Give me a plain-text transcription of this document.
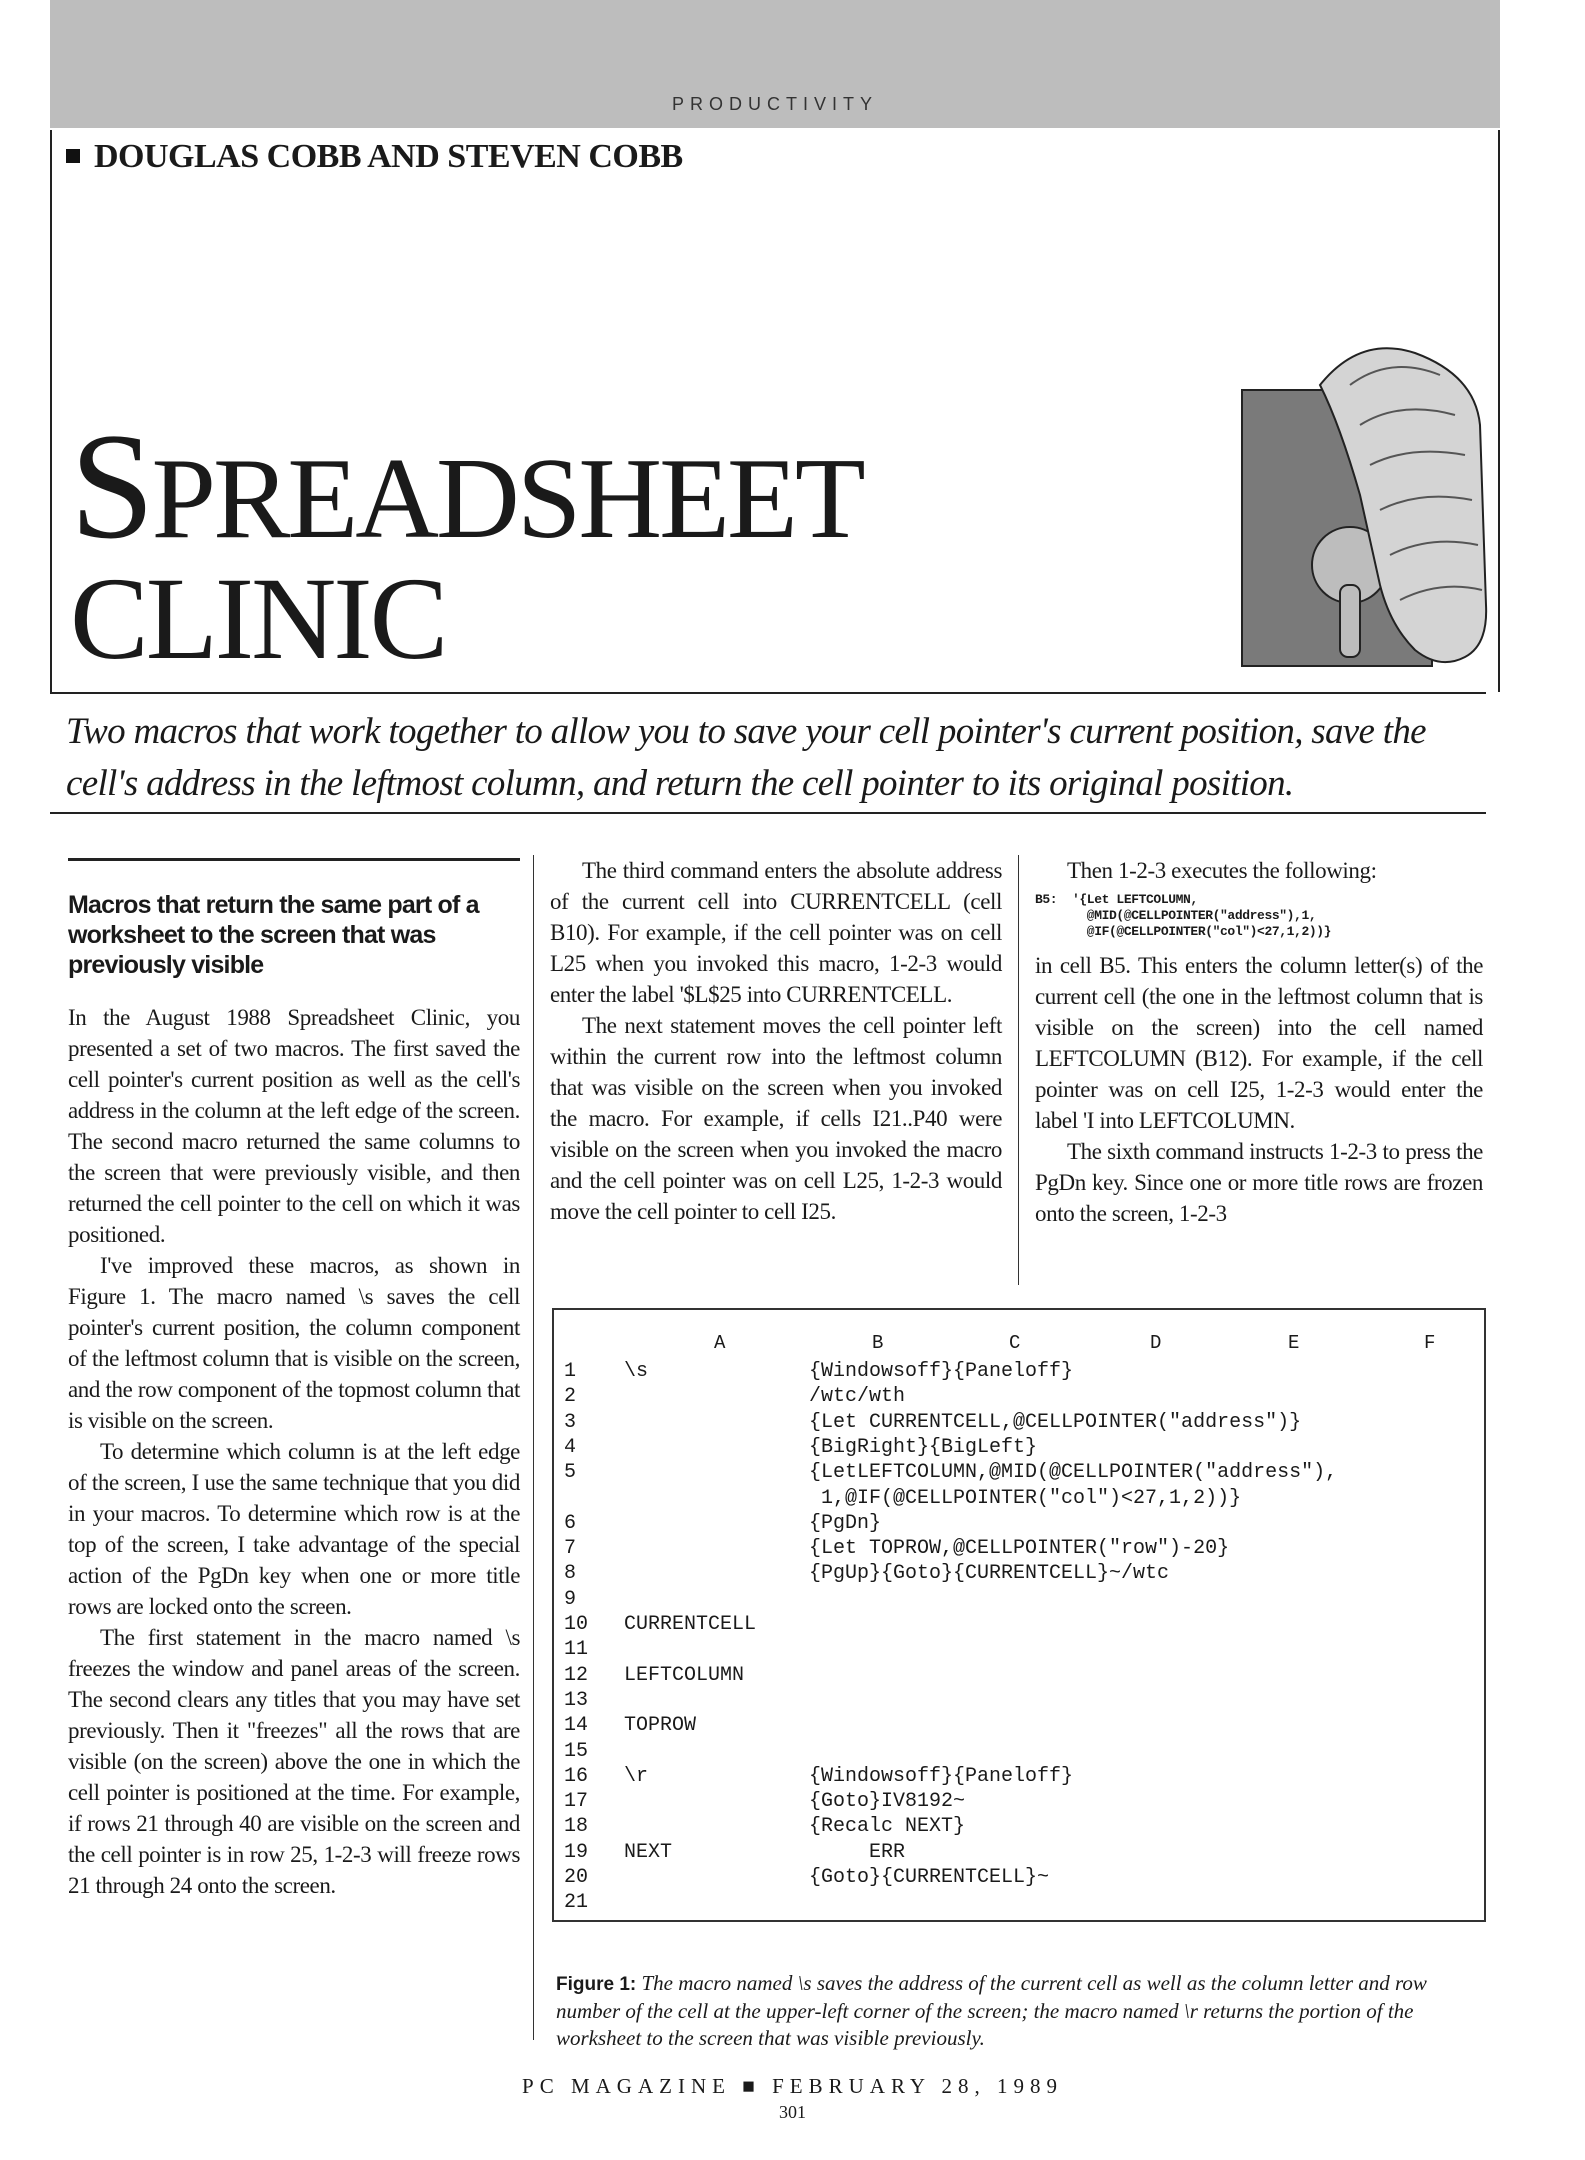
PRODUCTIVITY
DOUGLAS COBB AND STEVEN COBB
SPREADSHEET
CLINIC
Two macros that work together to allow you to save your cell pointer's current position, save the cell's address in the leftmost column, and return the cell pointer to its original position.

Macros that return the same part of a worksheet to the screen that was previously visible

In the August 1988 Spreadsheet Clinic, you presented a set of two macros. The first saved the cell pointer's current position as well as the cell's address in the column at the left edge of the screen. The second macro returned the same columns to the screen that were previously visible, and then returned the cell pointer to the cell on which it was positioned.

I've improved these macros, as shown in Figure 1. The macro named \s saves the cell pointer's current position, the column component of the leftmost column that is visible on the screen, and the row component of the topmost column that is visible on the screen.

To determine which column is at the left edge of the screen, I use the same technique that you did in your macros. To determine which row is at the top of the screen, I take advantage of the special action of the PgDn key when one or more title rows are locked onto the screen.

The first statement in the macro named \s freezes the window and panel areas of the screen. The second clears any titles that you may have set previously. Then it "freezes" all the rows that are visible (on the screen) above the one in which the cell pointer is positioned at the time. For example, if rows 21 through 40 are visible on the screen and the cell pointer is in row 25, 1-2-3 will freeze rows 21 through 24 onto the screen.

The third command enters the absolute address of the current cell into CURRENTCELL (cell B10). For example, if the cell pointer was on cell L25 when you invoked this macro, 1-2-3 would enter the label '$L$25 into CURRENTCELL.

The next statement moves the cell pointer left within the current row into the leftmost column that was visible on the screen when you invoked the macro. For example, if cells I21..P40 were visible on the screen when you invoked the macro and the cell pointer was on cell L25, 1-2-3 would move the cell pointer to cell I25.

Then 1-2-3 executes the following:

B5:  '{Let LEFTCOLUMN,
@MID(@CELLPOINTER("address"),1,
@IF(@CELLPOINTER("col")<27,1,2))}

in cell B5. This enters the column letter(s) of the current cell (the one in the leftmost column that is visible on the screen) into the cell named LEFTCOLUMN (B12). For example, if the cell pointer was on cell I25, 1-2-3 would enter the label 'I into LEFTCOLUMN.

The sixth command instructs 1-2-3 to press the PgDn key. Since one or more title rows are frozen onto the screen, 1-2-3

A	B	C	D	E	F
1 \s	{Windowsoff}{Paneloff}
2	/wtc/wth
3	{Let CURRENTCELL,@CELLPOINTER("address")}
4	{BigRight}{BigLeft}
5	{LetLEFTCOLUMN,@MID(@CELLPOINTER("address"),
1,@IF(@CELLPOINTER("col")<27,1,2))}
6	{PgDn}
7	{Let TOPROW,@CELLPOINTER("row")-20}
8	{PgUp}{Goto}{CURRENTCELL}~/wtc
9
10 CURRENTCELL
11
12 LEFTCOLUMN
13
14 TOPROW
15
16 \r	{Windowsoff}{Paneloff}
17	{Goto}IV8192~
18	{Recalc NEXT}
19 NEXT	ERR
20	{Goto}{CURRENTCELL}~
21
Figure 1: The macro named \s saves the address of the current cell as well as the column letter and row number of the cell at the upper-left corner of the screen; the macro named \r returns the portion of the worksheet to the screen that was visible previously.
PC MAGAZINE ■ FEBRUARY 28, 1989
301
